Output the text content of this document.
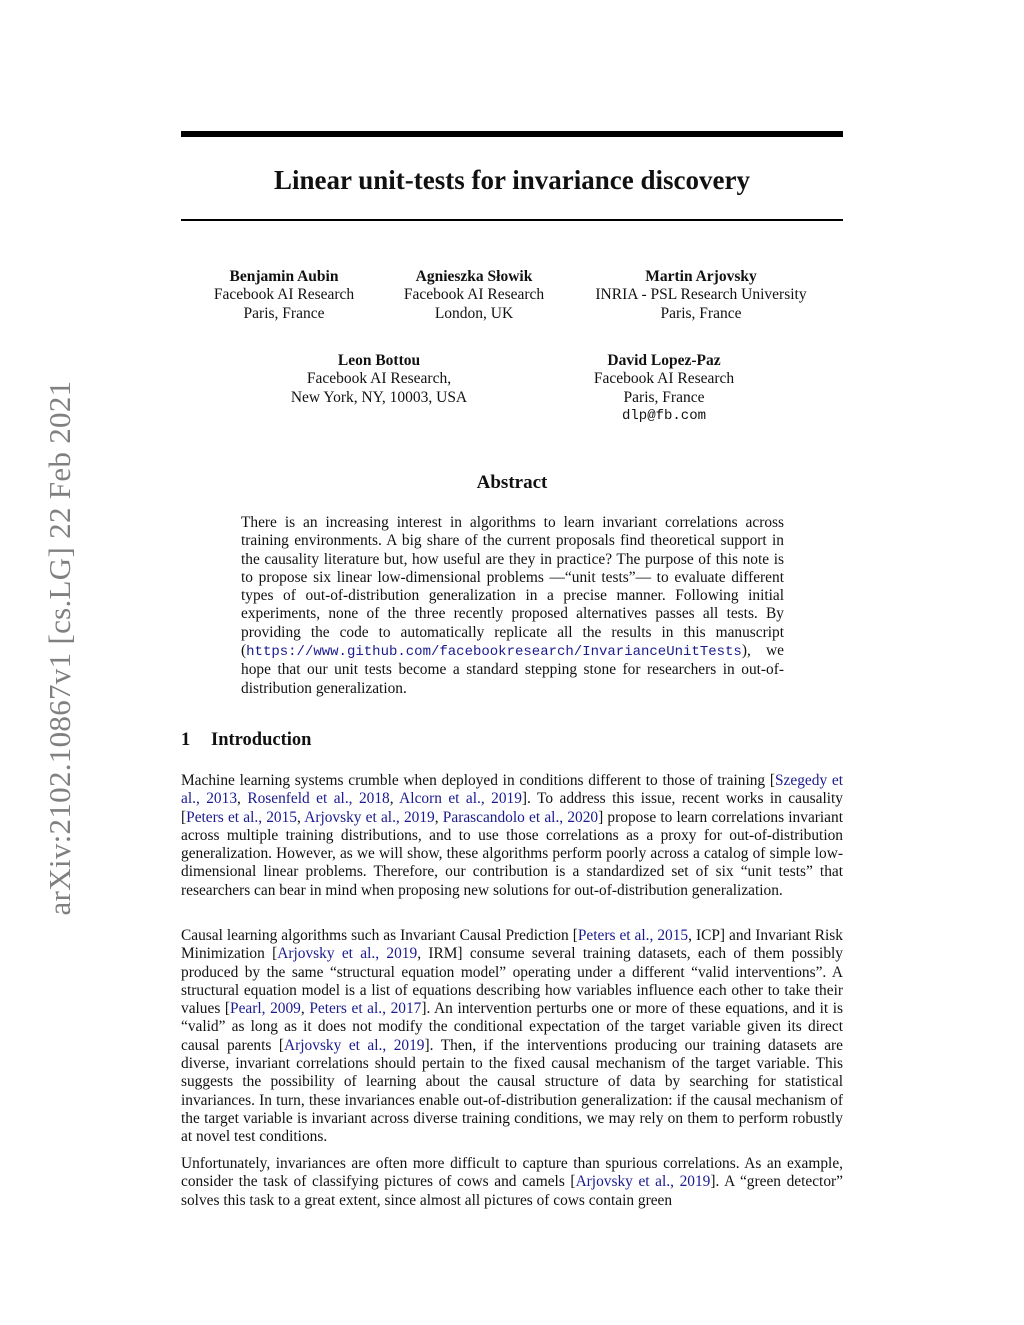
Linear unit-tests for invariance discovery
arXiv:2102.10867v1 [cs.LG] 22 Feb 2021
Benjamin Aubin
Facebook AI Research
Paris, France
Agnieszka Słowik
Facebook AI Research
London, UK
Martin Arjovsky
INRIA - PSL Research University
Paris, France
Leon Bottou
Facebook AI Research,
New York, NY, 10003, USA
David Lopez-Paz
Facebook AI Research
Paris, France
dlp@fb.com
Abstract

There is an increasing interest in algorithms to learn invariant correlations across training environments. A big share of the current proposals find theoretical support in the causality literature but, how useful are they in practice? The purpose of this note is to propose six linear low-dimensional problems —“unit tests”— to evaluate different types of out-of-distribution generalization in a precise manner. Following initial experiments, none of the three recently proposed alternatives passes all tests. By providing the code to automatically replicate all the results in this manuscript (https://www.github.com/facebookresearch/InvarianceUnitTests), we hope that our unit tests become a standard stepping stone for researchers in out-of-distribution generalization.

1 Introduction

Machine learning systems crumble when deployed in conditions different to those of training [Szegedy et al., 2013, Rosenfeld et al., 2018, Alcorn et al., 2019]. To address this issue, recent works in causality [Peters et al., 2015, Arjovsky et al., 2019, Parascandolo et al., 2020] propose to learn correlations invariant across multiple training distributions, and to use those correlations as a proxy for out-of-distribution generalization. However, as we will show, these algorithms perform poorly across a catalog of simple low-dimensional linear problems. Therefore, our contribution is a standardized set of six “unit tests” that researchers can bear in mind when proposing new solutions for out-of-distribution generalization.

Causal learning algorithms such as Invariant Causal Prediction [Peters et al., 2015, ICP] and Invariant Risk Minimization [Arjovsky et al., 2019, IRM] consume several training datasets, each of them possibly produced by the same “structural equation model” operating under a different “valid interventions”. A structural equation model is a list of equations describing how variables influence each other to take their values [Pearl, 2009, Peters et al., 2017]. An intervention perturbs one or more of these equations, and it is “valid” as long as it does not modify the conditional expectation of the target variable given its direct causal parents [Arjovsky et al., 2019]. Then, if the interventions producing our training datasets are diverse, invariant correlations should pertain to the fixed causal mechanism of the target variable. This suggests the possibility of learning about the causal structure of data by searching for statistical invariances. In turn, these invariances enable out-of-distribution generalization: if the causal mechanism of the target variable is invariant across diverse training conditions, we may rely on them to perform robustly at novel test conditions.

Unfortunately, invariances are often more difficult to capture than spurious correlations. As an example, consider the task of classifying pictures of cows and camels [Arjovsky et al., 2019]. A “green detector” solves this task to a great extent, since almost all pictures of cows contain green
